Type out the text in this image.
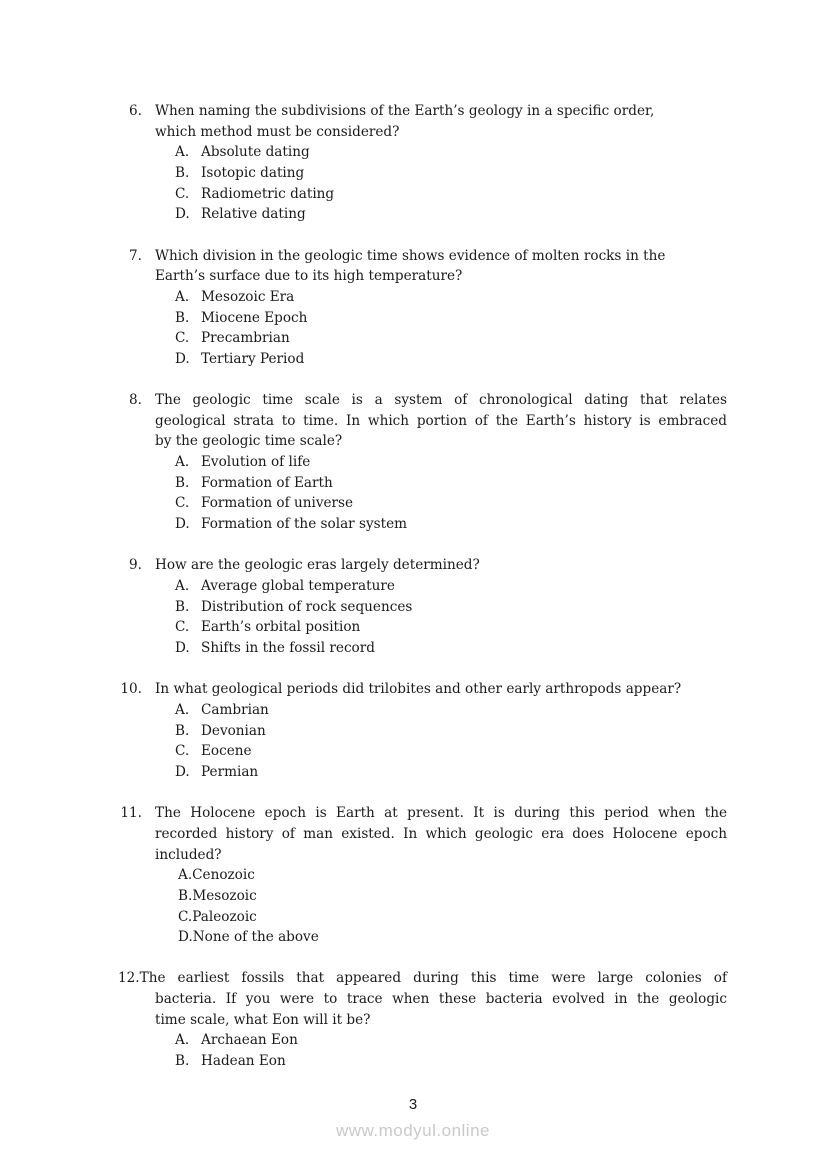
6. When naming the subdivisions of the Earth’s geology in a specific order,
which method must be considered?
A. Absolute dating
B. Isotopic dating
C. Radiometric dating
D. Relative dating
7. Which division in the geologic time shows evidence of molten rocks in the
Earth’s surface due to its high temperature?
A. Mesozoic Era
B. Miocene Epoch
C. Precambrian
D. Tertiary Period
8. The geologic time scale is a system of chronological dating that relates
geological strata to time. In which portion of the Earth’s history is embraced
by the geologic time scale?
A. Evolution of life
B. Formation of Earth
C. Formation of universe
D. Formation of the solar system
9. How are the geologic eras largely determined?
A. Average global temperature
B. Distribution of rock sequences
C. Earth’s orbital position
D. Shifts in the fossil record
10. In what geological periods did trilobites and other early arthropods appear?
A. Cambrian
B. Devonian
C. Eocene
D. Permian
11. The Holocene epoch is Earth at present. It is during this period when the
recorded history of man existed. In which geologic era does Holocene epoch
included?
A.Cenozoic
B.Mesozoic
C.Paleozoic
D.None of the above
12.The earliest fossils that appeared during this time were large colonies of
bacteria. If you were to trace when these bacteria evolved in the geologic
time scale, what Eon will it be?
A. Archaean Eon
B. Hadean Eon
3
www.modyul.online
